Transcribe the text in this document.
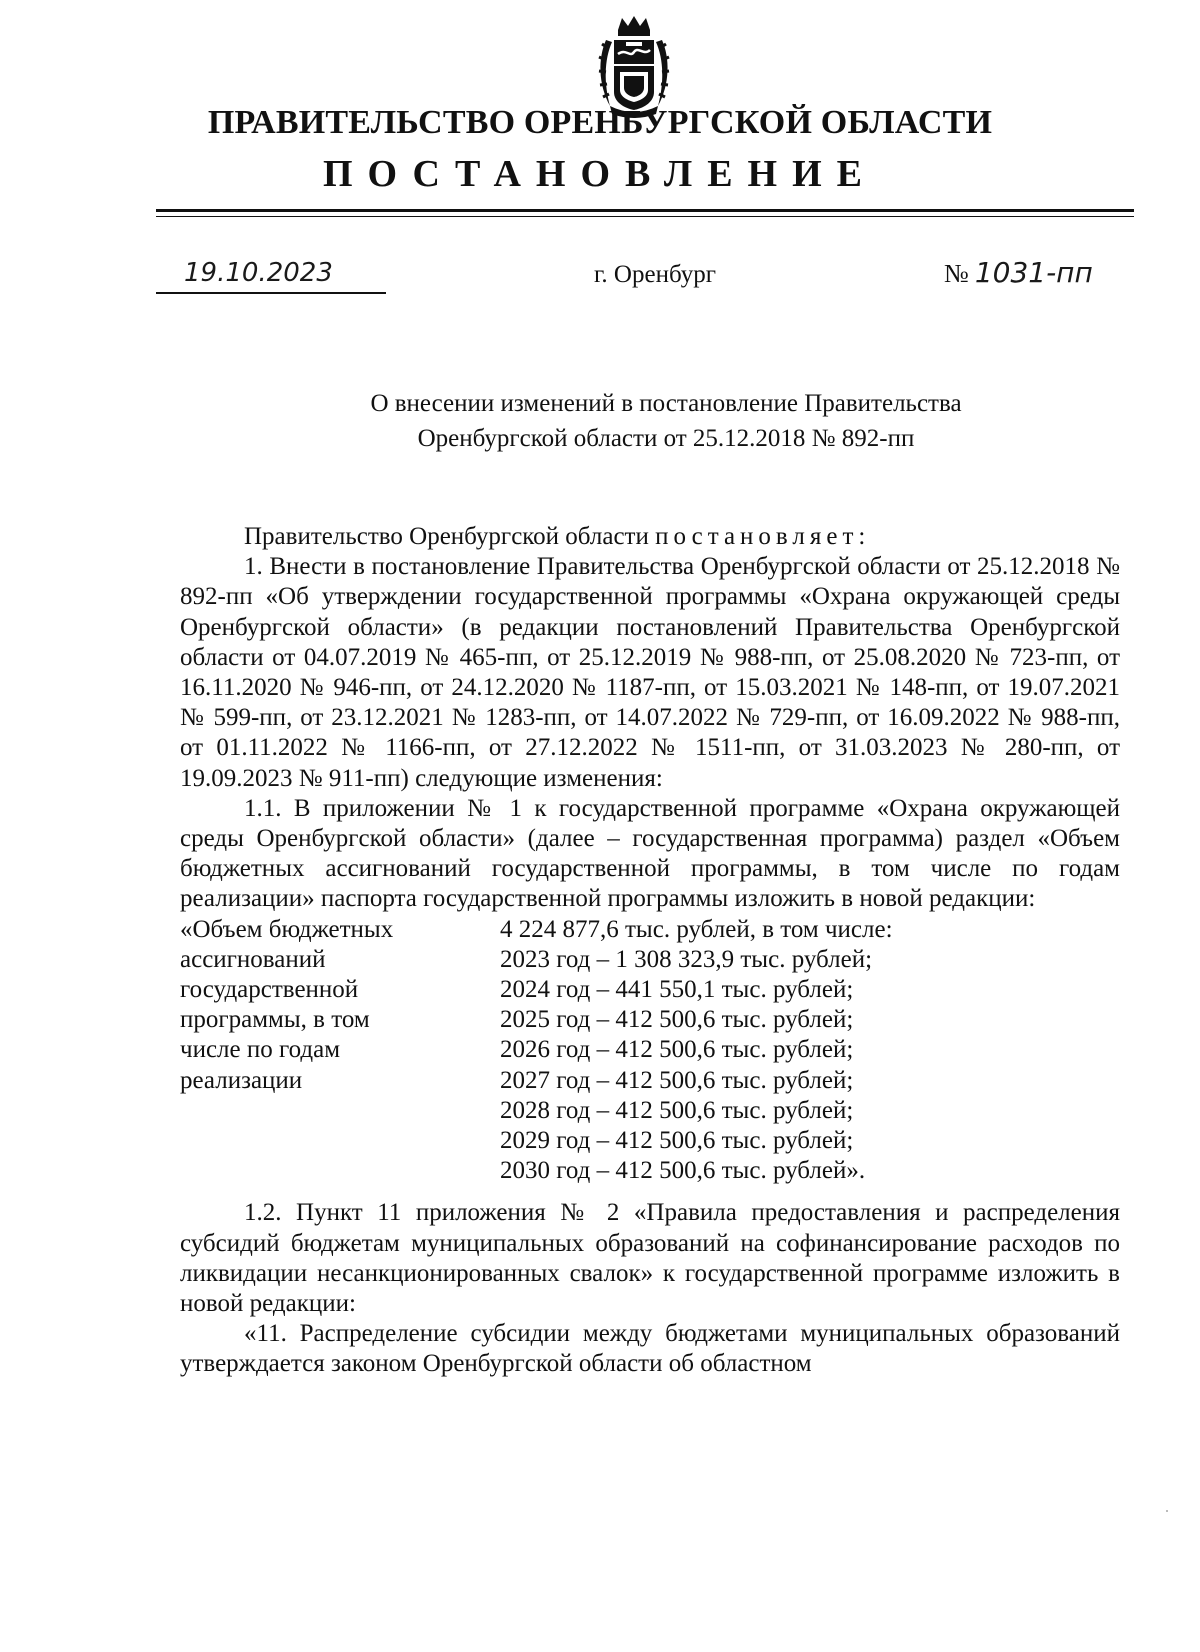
ПРАВИТЕЛЬСТВО ОРЕНБУРГСКОЙ ОБЛАСТИ
ПОСТАНОВЛЕНИЕ
19.10.2023	г. Оренбург	№ 1031-пп
О внесении изменений в постановление Правительства
Оренбургской области от 25.12.2018 № 892-пп

Правительство Оренбургской области постановляет:

1. Внести в постановление Правительства Оренбургской области от 25.12.2018 № 892-пп «Об утверждении государственной программы «Охрана окружающей среды Оренбургской области» (в редакции постановлений Правительства Оренбургской области от 04.07.2019 № 465-пп, от 25.12.2019 № 988-пп, от 25.08.2020 № 723-пп, от 16.11.2020 № 946-пп, от 24.12.2020 № 1187-пп, от 15.03.2021 № 148-пп, от 19.07.2021 № 599-пп, от 23.12.2021 № 1283-пп, от 14.07.2022 № 729-пп, от 16.09.2022 № 988-пп, от 01.11.2022 № 1166-пп, от 27.12.2022 № 1511-пп, от 31.03.2023 № 280-пп, от 19.09.2023 № 911-пп) следующие изменения:

1.1. В приложении № 1 к государственной программе «Охрана окружающей среды Оренбургской области» (далее – государственная программа) раздел «Объем бюджетных ассигнований государственной программы, в том числе по годам реализации» паспорта государственной программы изложить в новой редакции:

«Объем бюджетных
ассигнований
государственной
программы, в том
числе по годам
реализации
4 224 877,6 тыс. рублей, в том числе:
2023 год – 1 308 323,9 тыс. рублей;
2024 год – 441 550,1 тыс. рублей;
2025 год – 412 500,6 тыс. рублей;
2026 год – 412 500,6 тыс. рублей;
2027 год – 412 500,6 тыс. рублей;
2028 год – 412 500,6 тыс. рублей;
2029 год – 412 500,6 тыс. рублей;
2030 год – 412 500,6 тыс. рублей».

1.2. Пункт 11 приложения № 2 «Правила предоставления и распределения субсидий бюджетам муниципальных образований на софинансирование расходов по ликвидации несанкционированных свалок» к государственной программе изложить в новой редакции:

«11. Распределение субсидии между бюджетами муниципальных образований утверждается законом Оренбургской области об областном
